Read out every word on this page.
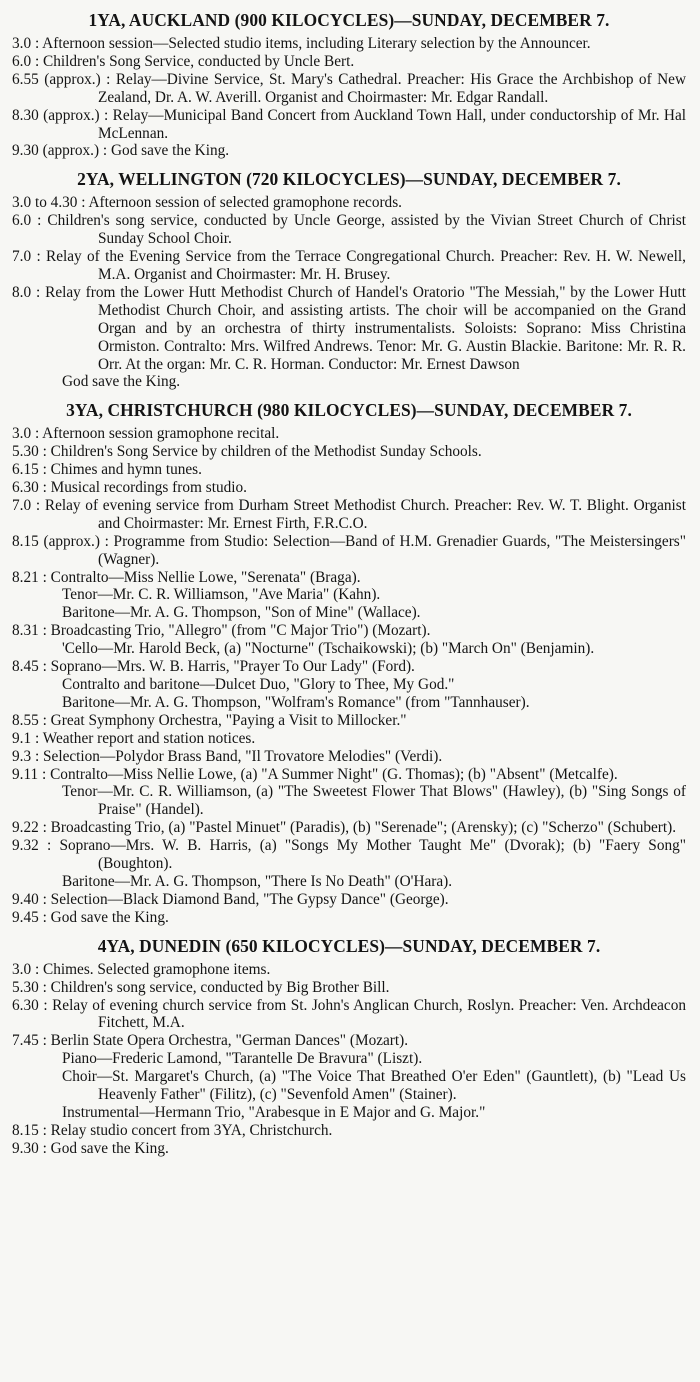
1YA, AUCKLAND (900 KILOCYCLES)—SUNDAY, DECEMBER 7.
3.0 : Afternoon session—Selected studio items, including Literary selection by the Announcer.
6.0 : Children's Song Service, conducted by Uncle Bert.
6.55 (approx.) : Relay—Divine Service, St. Mary's Cathedral. Preacher: His Grace the Archbishop of New Zealand, Dr. A. W. Averill. Organist and Choirmaster: Mr. Edgar Randall.
8.30 (approx.) : Relay—Municipal Band Concert from Auckland Town Hall, under conductorship of Mr. Hal McLennan.
9.30 (approx.) : God save the King.
2YA, WELLINGTON (720 KILOCYCLES)—SUNDAY, DECEMBER 7.
3.0 to 4.30 : Afternoon session of selected gramophone records.
6.0 : Children's song service, conducted by Uncle George, assisted by the Vivian Street Church of Christ Sunday School Choir.
7.0 : Relay of the Evening Service from the Terrace Congregational Church. Preacher: Rev. H. W. Newell, M.A. Organist and Choirmaster: Mr. H. Brusey.
8.0 : Relay from the Lower Hutt Methodist Church of Handel's Oratorio "The Messiah," by the Lower Hutt Methodist Church Choir, and assisting artists. The choir will be accompanied on the Grand Organ and by an orchestra of thirty instrumentalists. Soloists: Soprano: Miss Christina Ormiston. Contralto: Mrs. Wilfred Andrews. Tenor: Mr. G. Austin Blackie. Baritone: Mr. R. R. Orr. At the organ: Mr. C. R. Horman. Conductor: Mr. Ernest Dawson
God save the King.
3YA, CHRISTCHURCH (980 KILOCYCLES)—SUNDAY, DECEMBER 7.
3.0 : Afternoon session gramophone recital.
5.30 : Children's Song Service by children of the Methodist Sunday Schools.
6.15 : Chimes and hymn tunes.
6.30 : Musical recordings from studio.
7.0 : Relay of evening service from Durham Street Methodist Church. Preacher: Rev. W. T. Blight. Organist and Choirmaster: Mr. Ernest Firth, F.R.C.O.
8.15 (approx.) : Programme from Studio: Selection—Band of H.M. Grenadier Guards, "The Meistersingers" (Wagner).
8.21 : Contralto—Miss Nellie Lowe, "Serenata" (Braga).
Tenor—Mr. C. R. Williamson, "Ave Maria" (Kahn).
Baritone—Mr. A. G. Thompson, "Son of Mine" (Wallace).
8.31 : Broadcasting Trio, "Allegro" (from "C Major Trio") (Mozart).
'Cello—Mr. Harold Beck, (a) "Nocturne" (Tschaikowski); (b) "March On" (Benjamin).
8.45 : Soprano—Mrs. W. B. Harris, "Prayer To Our Lady" (Ford).
Contralto and baritone—Dulcet Duo, "Glory to Thee, My God."
Baritone—Mr. A. G. Thompson, "Wolfram's Romance" (from "Tannhauser).
8.55 : Great Symphony Orchestra, "Paying a Visit to Millocker."
9.1 : Weather report and station notices.
9.3 : Selection—Polydor Brass Band, "Il Trovatore Melodies" (Verdi).
9.11 : Contralto—Miss Nellie Lowe, (a) "A Summer Night" (G. Thomas); (b) "Absent" (Metcalfe).
Tenor—Mr. C. R. Williamson, (a) "The Sweetest Flower That Blows" (Hawley), (b) "Sing Songs of Praise" (Handel).
9.22 : Broadcasting Trio, (a) "Pastel Minuet" (Paradis), (b) "Serenade"; (Arensky); (c) "Scherzo" (Schubert).
9.32 : Soprano—Mrs. W. B. Harris, (a) "Songs My Mother Taught Me" (Dvorak); (b) "Faery Song" (Boughton).
Baritone—Mr. A. G. Thompson, "There Is No Death" (O'Hara).
9.40 : Selection—Black Diamond Band, "The Gypsy Dance" (George).
9.45 : God save the King.
4YA, DUNEDIN (650 KILOCYCLES)—SUNDAY, DECEMBER 7.
3.0 : Chimes. Selected gramophone items.
5.30 : Children's song service, conducted by Big Brother Bill.
6.30 : Relay of evening church service from St. John's Anglican Church, Roslyn. Preacher: Ven. Archdeacon Fitchett, M.A.
7.45 : Berlin State Opera Orchestra, "German Dances" (Mozart).
Piano—Frederic Lamond, "Tarantelle De Bravura" (Liszt).
Choir—St. Margaret's Church, (a) "The Voice That Breathed O'er Eden" (Gauntlett), (b) "Lead Us Heavenly Father" (Filitz), (c) "Sevenfold Amen" (Stainer).
Instrumental—Hermann Trio, "Arabesque in E Major and G. Major."
8.15 : Relay studio concert from 3YA, Christchurch.
9.30 : God save the King.
